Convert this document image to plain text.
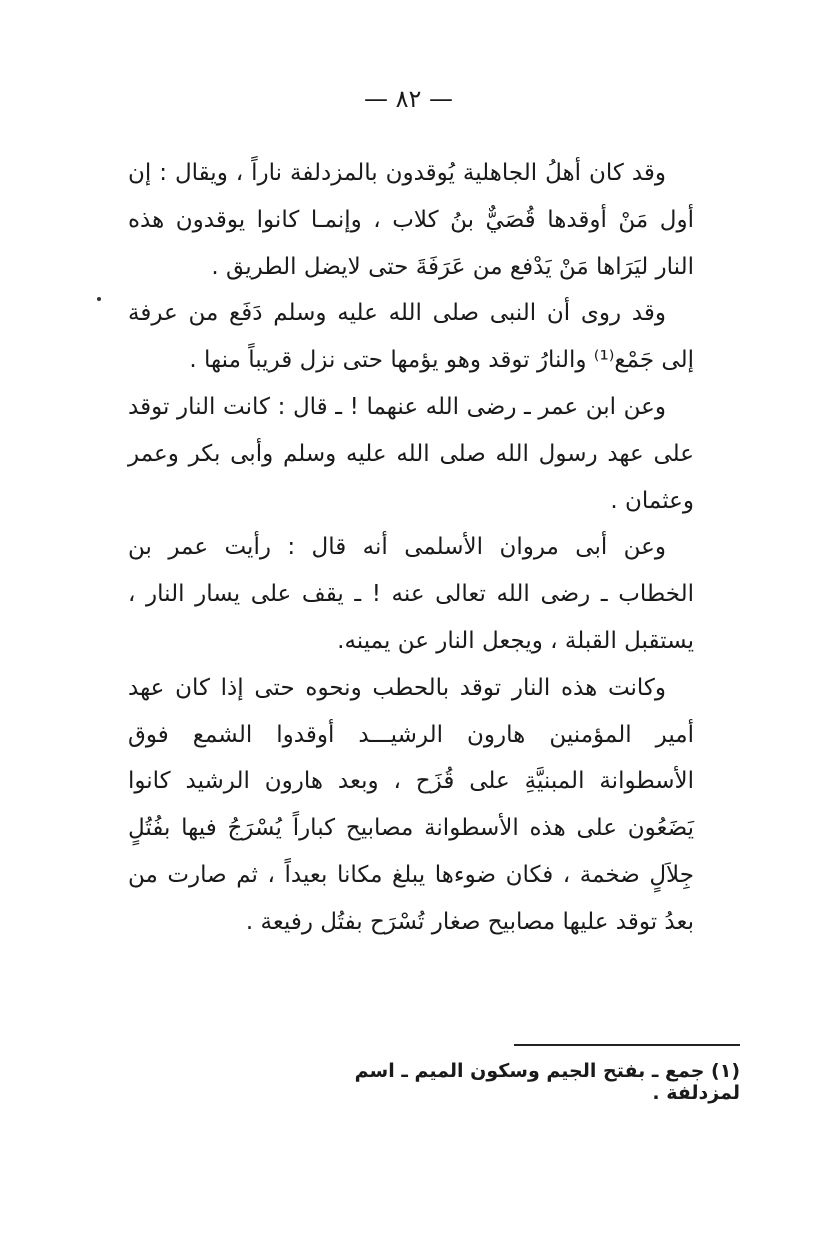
— ٨٢ —

وقد كان أهلُ الجاهلية يُوقدون بالمزدلفة ناراً ، ويقال : إن أول مَنْ أوقدها قُصَيٌّ بنُ كلاب ، وإنمـا كانوا يوقدون هذه النار ليَرَاها مَنْ يَدْفع من عَرَفَةَ حتى لايضل الطريق .

وقد روى أن النبى صلى الله عليه وسلم دَفَع من عرفة إلى جَمْع⁽¹⁾ والنارُ توقد وهو يؤمها حتى نزل قريباً منها .

وعن ابن عمر ـ رضى الله عنهما ! ـ قال : كانت النار توقد على عهد رسول الله صلى الله عليه وسلم وأبى بكر وعمر وعثمان .

وعن أبى مروان الأسلمى أنه قال : رأيت عمر بن الخطاب ـ رضى الله تعالى عنه ! ـ يقف على يسار النار ، يستقبل القبلة ، ويجعل النار عن يمينه.

وكانت هذه النار توقد بالحطب ونحوه حتى إذا كان عهد أمير المؤمنين هارون الرشيـــد أوقدوا الشمع فوق الأسطوانة المبنيَّةِ على قُزَح ، وبعد هارون الرشيد كانوا يَضَعُون على هذه الأسطوانة مصابيح كباراً يُسْرَجُ فيها بفُتُلٍ جِلاَلٍ ضخمة ، فكان ضوءها يبلغ مكانا بعيداً ، ثم صارت من بعدُ توقد عليها مصابيح صغار تُسْرَح بفتُل رفيعة .

(١) جمع ـ بفتح الجيم وسكون الميم ـ اسم لمزدلفة .
